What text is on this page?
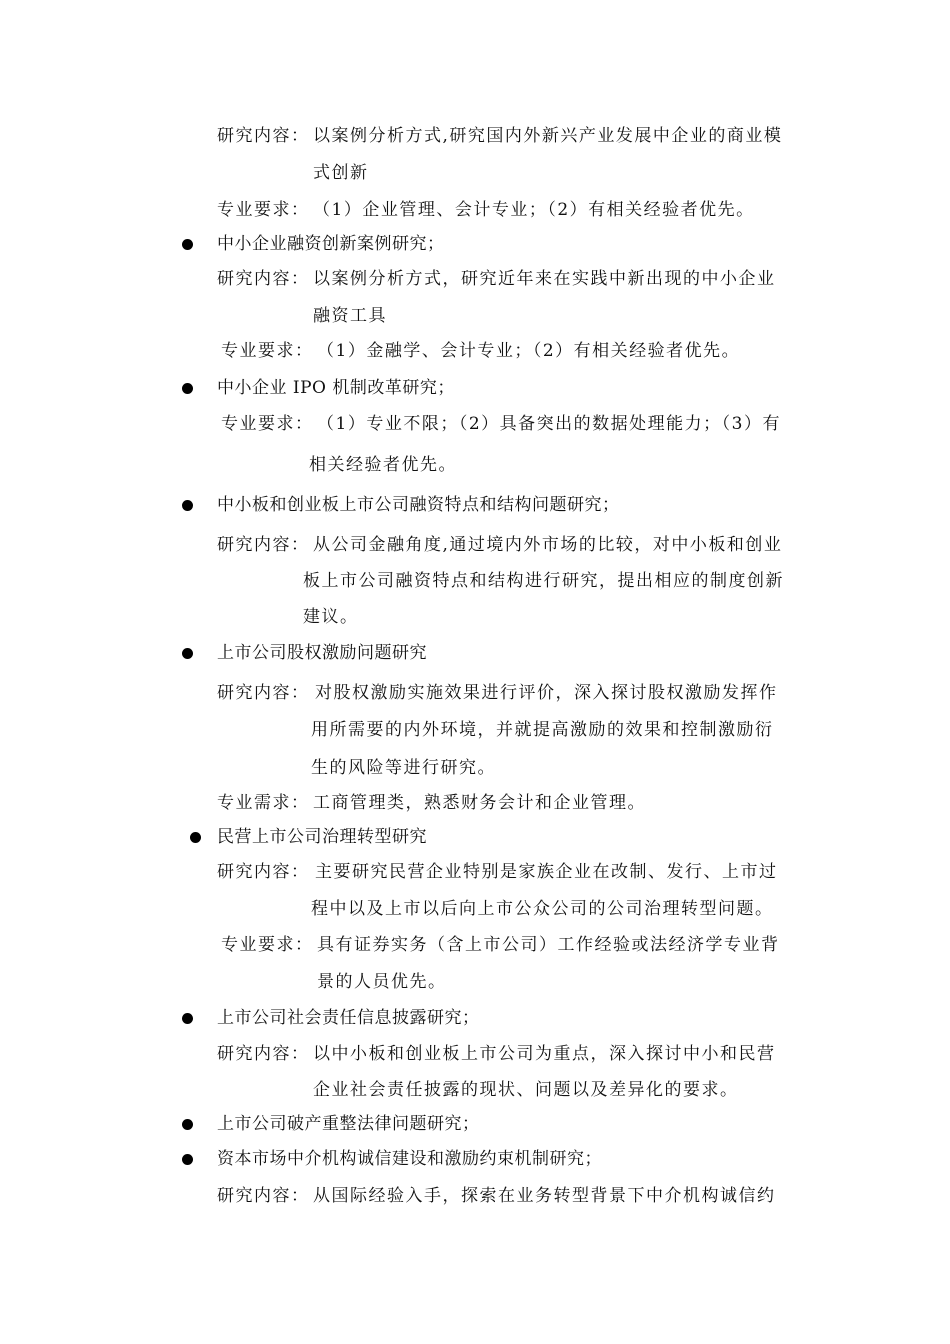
研究内容： 以案例分析方式,研究国内外新兴产业发展中企业的商业模
式创新
专业要求： （1）企业管理、会计专业；（2）有相关经验者优先。
中小企业融资创新案例研究；
研究内容： 以案例分析方式，研究近年来在实践中新出现的中小企业
融资工具
专业要求： （1）金融学、会计专业；（2）有相关经验者优先。
中小企业 IPO 机制改革研究；
专业要求： （1）专业不限；（2）具备突出的数据处理能力；（3）有
相关经验者优先。
中小板和创业板上市公司融资特点和结构问题研究；
研究内容： 从公司金融角度,通过境内外市场的比较，对中小板和创业
板上市公司融资特点和结构进行研究，提出相应的制度创新
建议。
上市公司股权激励问题研究
研究内容： 对股权激励实施效果进行评价，深入探讨股权激励发挥作
用所需要的内外环境，并就提高激励的效果和控制激励衍
生的风险等进行研究。
专业需求： 工商管理类，熟悉财务会计和企业管理。
民营上市公司治理转型研究
研究内容： 主要研究民营企业特别是家族企业在改制、发行、上市过
程中以及上市以后向上市公众公司的公司治理转型问题。
专业要求： 具有证券实务（含上市公司）工作经验或法经济学专业背
景的人员优先。
上市公司社会责任信息披露研究；
研究内容： 以中小板和创业板上市公司为重点，深入探讨中小和民营
企业社会责任披露的现状、问题以及差异化的要求。
上市公司破产重整法律问题研究；
资本市场中介机构诚信建设和激励约束机制研究；
研究内容： 从国际经验入手，探索在业务转型背景下中介机构诚信约
